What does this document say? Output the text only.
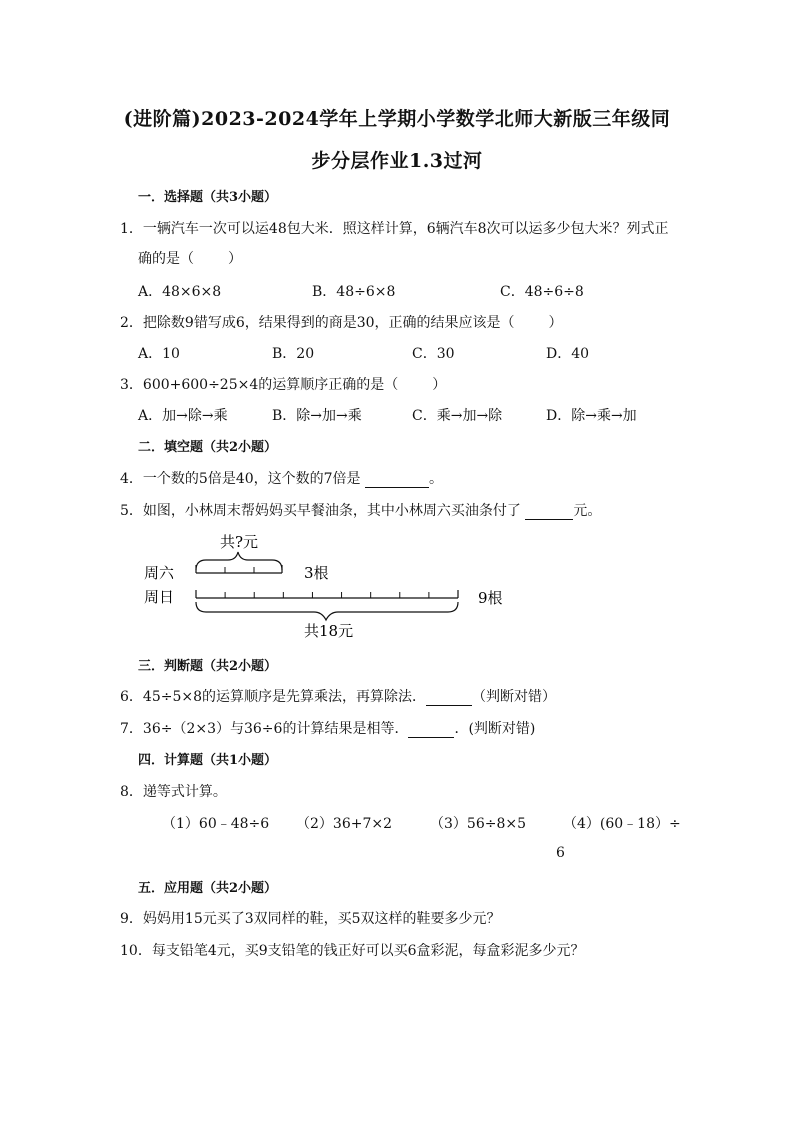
(进阶篇)2023-2024学年上学期小学数学北师大新版三年级同
步分层作业1.3过河
一．选择题（共3小题）
1．一辆汽车一次可以运48包大米．照这样计算，6辆汽车8次可以运多少包大米？列式正
确的是（ ）
A．48×6×8	B．48÷6×8	C．48÷6÷8
2．把除数9错写成6，结果得到的商是30，正确的结果应该是（ ）
A．10	B．20	C．30	D．40
3．600+600÷25×4的运算顺序正确的是（ ）
A．加→除→乘	B．除→加→乘	C．乘→加→除	D．除→乘→加
二．填空题（共2小题）
4．一个数的5倍是40，这个数的7倍是	。
5．如图，小林周末帮妈妈买早餐油条，其中小林周六买油条付了	元。
共?元
周六	3根
周日	9根
共18元
三．判断题（共2小题）
6．45÷5×8的运算顺序是先算乘法，再算除法．	（判断对错）
7．36÷（2×3）与36÷6的计算结果是相等．	．(判断对错)
四．计算题（共1小题）
8．递等式计算。
（1）60﹣48÷6 （2）36+7×2	（3）56÷8×5	（4）(60﹣18）÷
6
五．应用题（共2小题）
9．妈妈用15元买了3双同样的鞋，买5双这样的鞋要多少元？
10．每支铅笔4元，买9支铅笔的钱正好可以买6盒彩泥，每盒彩泥多少元？
